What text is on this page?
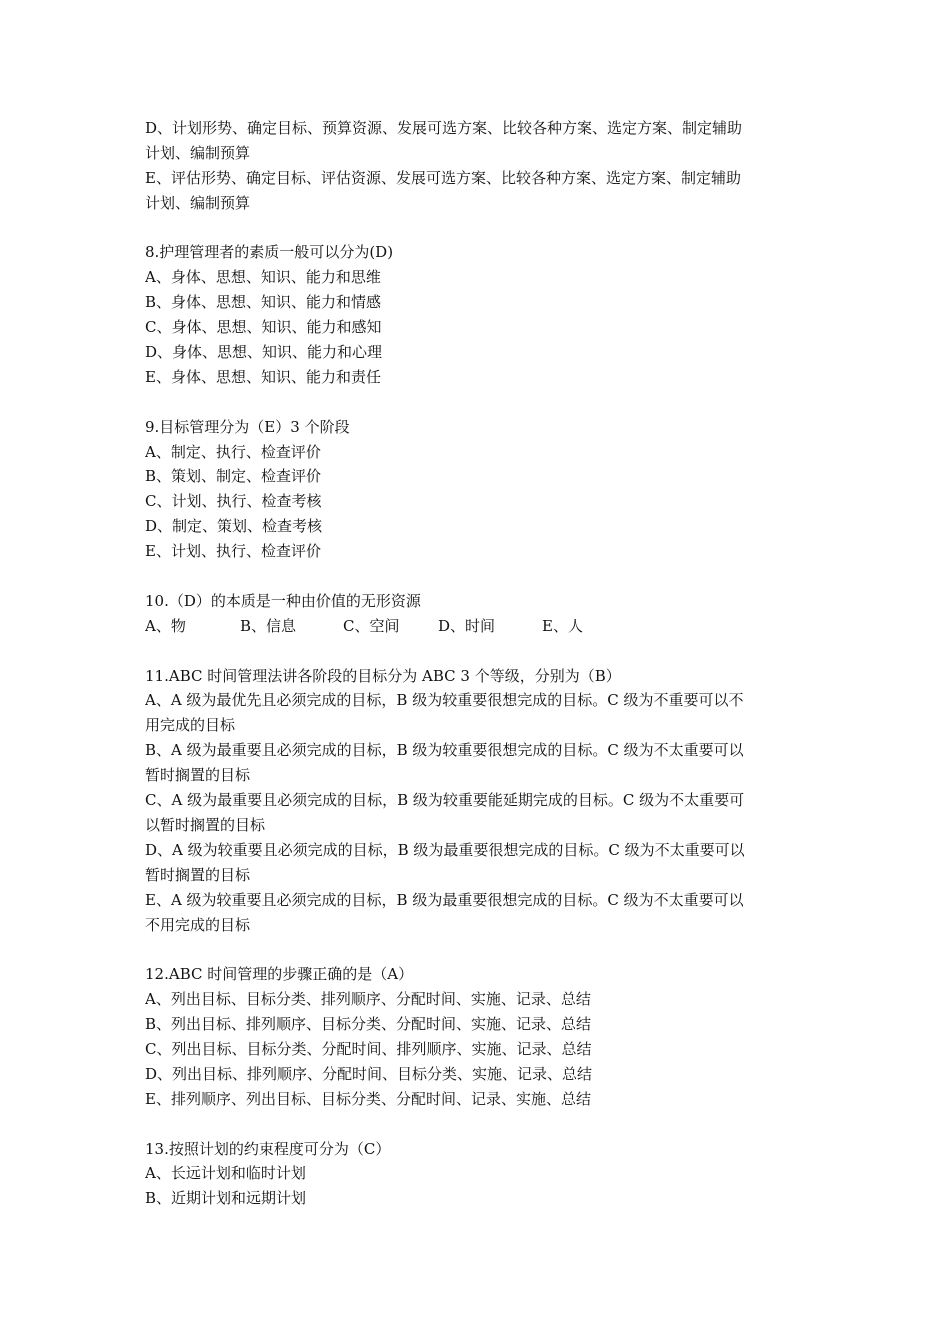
D、计划形势、确定目标、预算资源、发展可选方案、比较各种方案、选定方案、制定辅助
计划、编制预算
E、评估形势、确定目标、评估资源、发展可选方案、比较各种方案、选定方案、制定辅助
计划、编制预算
8.护理管理者的素质一般可以分为(D)
A、身体、思想、知识、能力和思维
B、身体、思想、知识、能力和情感
C、身体、思想、知识、能力和感知
D、身体、思想、知识、能力和心理
E、身体、思想、知识、能力和责任
9.目标管理分为（E）3 个阶段
A、制定、执行、检查评价
B、策划、制定、检查评价
C、计划、执行、检查考核
D、制定、策划、检查考核
E、计划、执行、检查评价
10.（D）的本质是一种由价值的无形资源
A、物	B、信息	C、空间	D、时间	E、人
11.ABC 时间管理法讲各阶段的目标分为 ABC 3 个等级，分别为（B）
A、A 级为最优先且必须完成的目标，B 级为较重要很想完成的目标。C 级为不重要可以不
用完成的目标
B、A 级为最重要且必须完成的目标，B 级为较重要很想完成的目标。C 级为不太重要可以
暂时搁置的目标
C、A 级为最重要且必须完成的目标，B 级为较重要能延期完成的目标。C 级为不太重要可
以暂时搁置的目标
D、A 级为较重要且必须完成的目标，B 级为最重要很想完成的目标。C 级为不太重要可以
暂时搁置的目标
E、A 级为较重要且必须完成的目标，B 级为最重要很想完成的目标。C 级为不太重要可以
不用完成的目标
12.ABC 时间管理的步骤正确的是（A）
A、列出目标、目标分类、排列顺序、分配时间、实施、记录、总结
B、列出目标、排列顺序、目标分类、分配时间、实施、记录、总结
C、列出目标、目标分类、分配时间、排列顺序、实施、记录、总结
D、列出目标、排列顺序、分配时间、目标分类、实施、记录、总结
E、排列顺序、列出目标、目标分类、分配时间、记录、实施、总结
13.按照计划的约束程度可分为（C）
A、长远计划和临时计划
B、近期计划和远期计划
